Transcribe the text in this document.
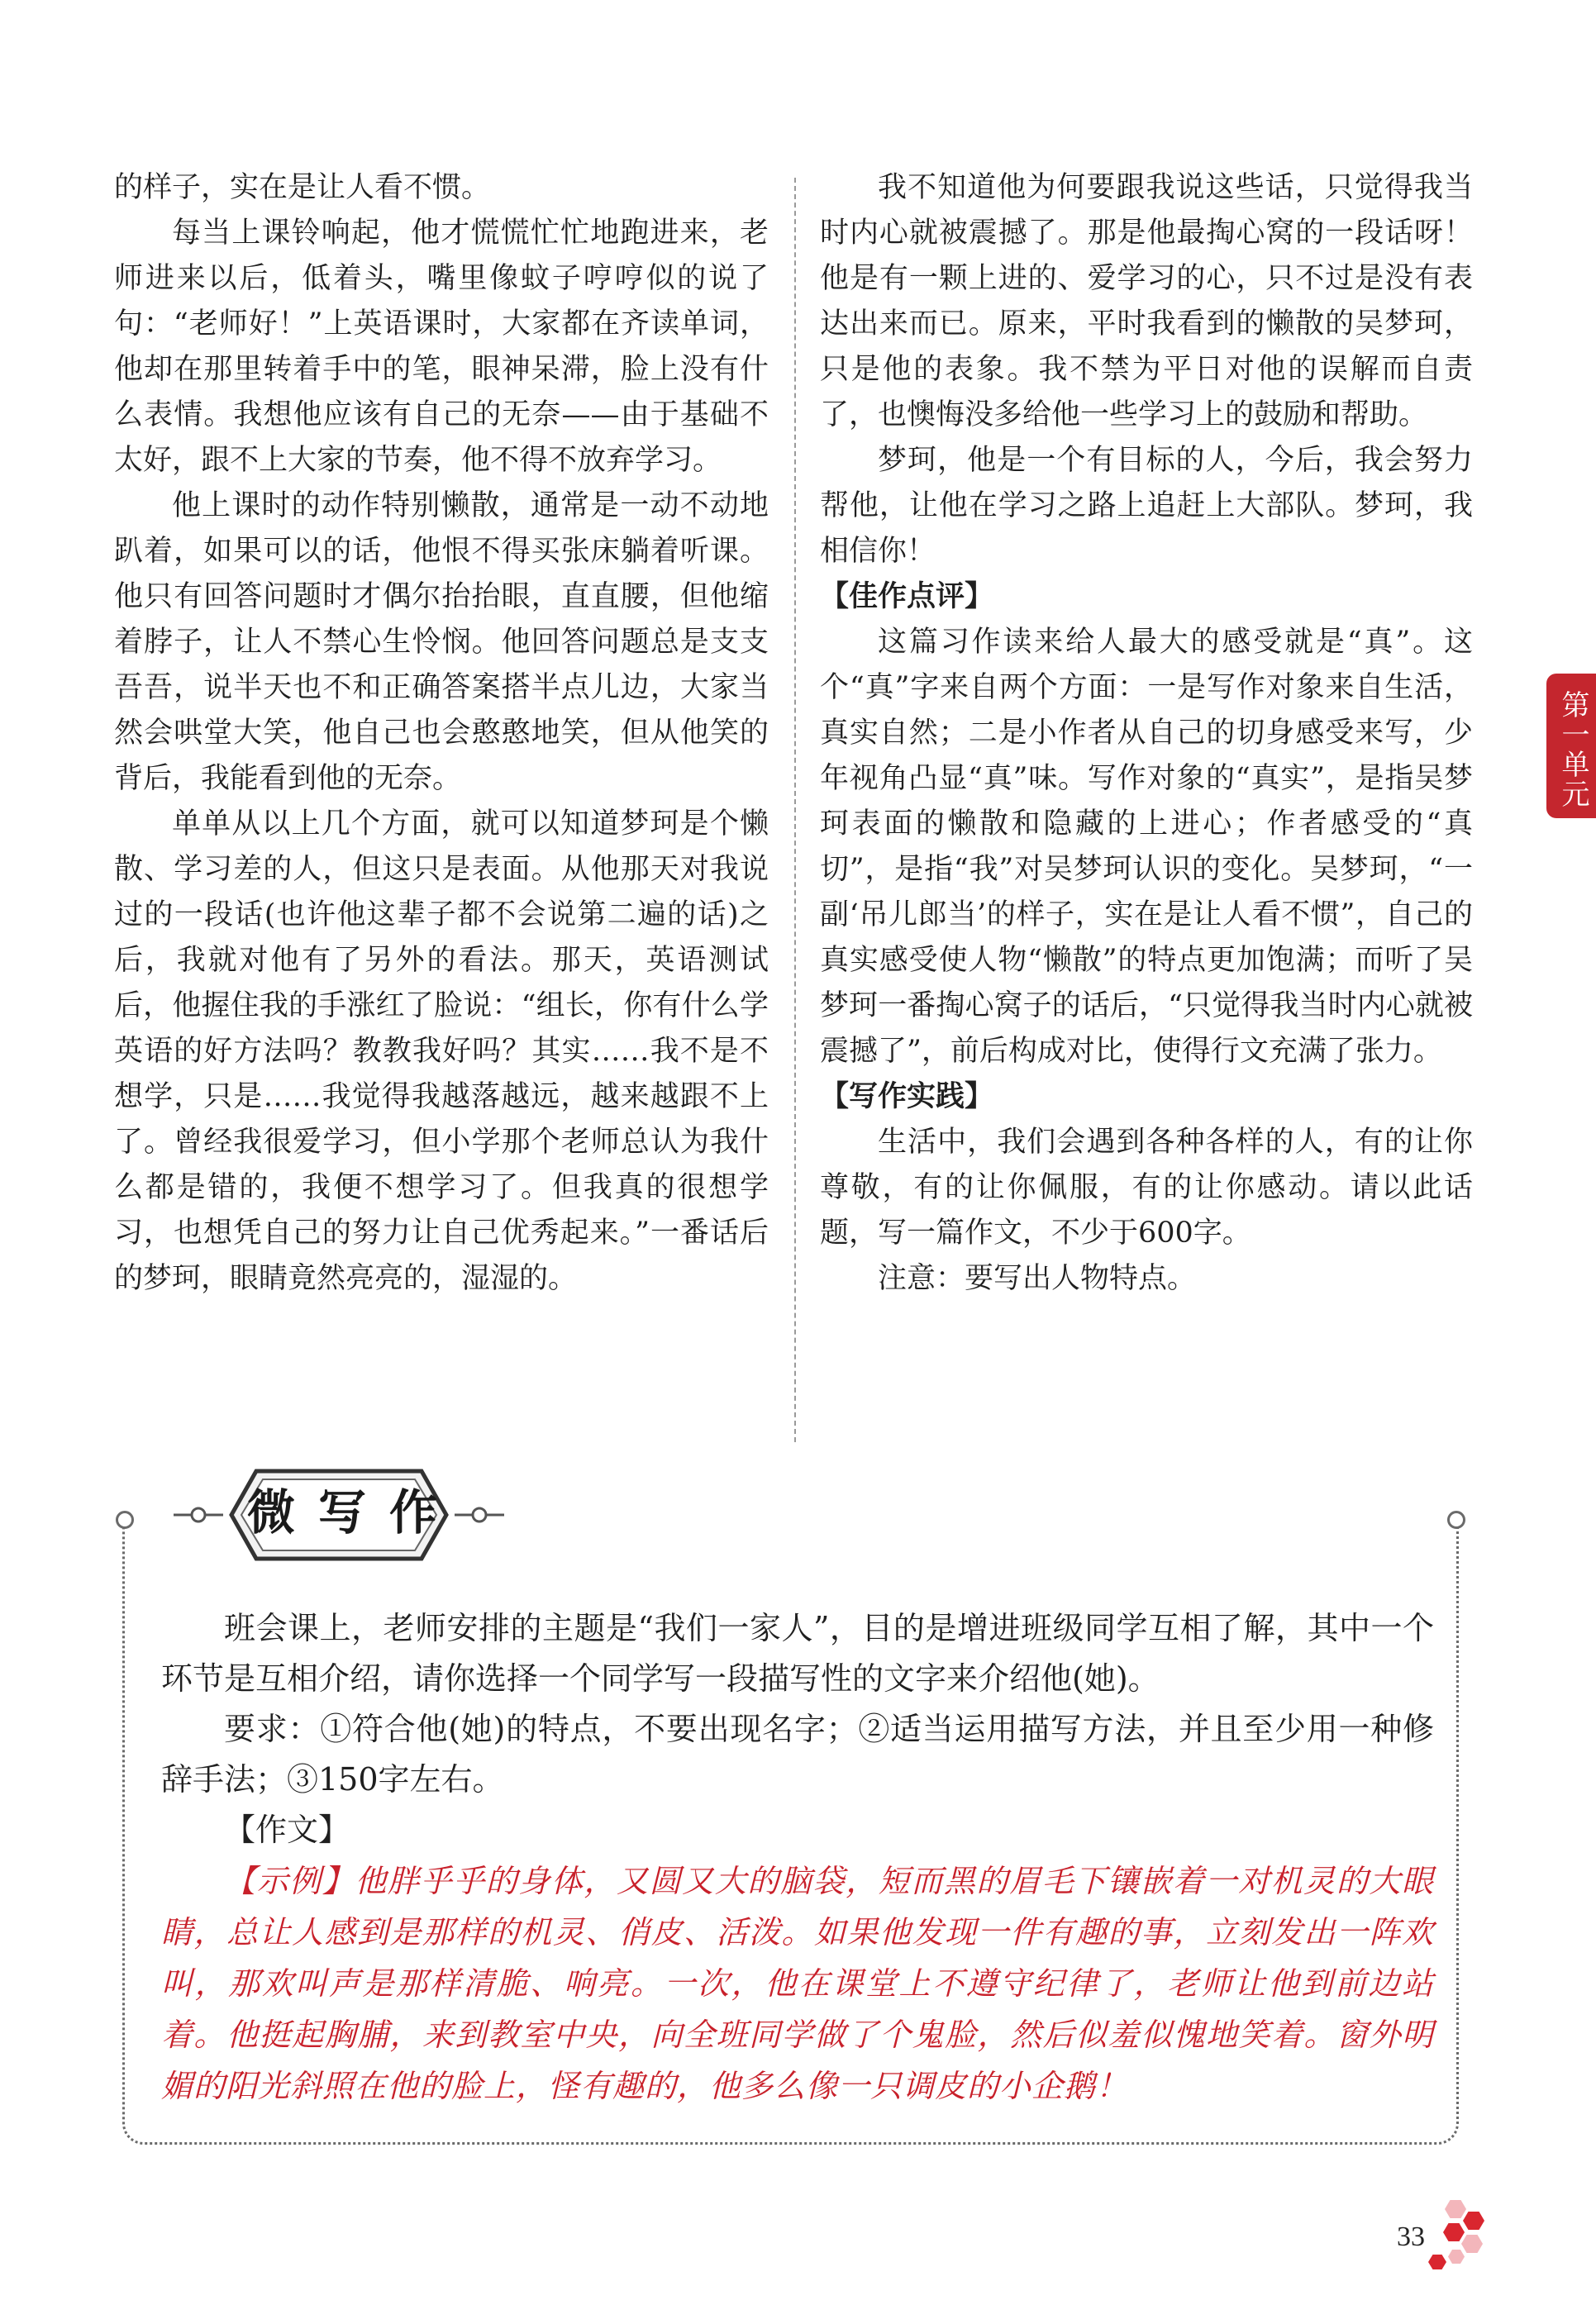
的样子，实在是让人看不惯。

每当上课铃响起，他才慌慌忙忙地跑进来，老师进来以后，低着头，嘴里像蚊子哼哼似的说了句：“老师好！”上英语课时，大家都在齐读单词，他却在那里转着手中的笔，眼神呆滞，脸上没有什么表情。我想他应该有自己的无奈——由于基础不太好，跟不上大家的节奏，他不得不放弃学习。

他上课时的动作特别懒散，通常是一动不动地趴着，如果可以的话，他恨不得买张床躺着听课。他只有回答问题时才偶尔抬抬眼，直直腰，但他缩着脖子，让人不禁心生怜悯。他回答问题总是支支吾吾，说半天也不和正确答案搭半点儿边，大家当然会哄堂大笑，他自己也会憨憨地笑，但从他笑的背后，我能看到他的无奈。

单单从以上几个方面，就可以知道梦珂是个懒散、学习差的人，但这只是表面。从他那天对我说过的一段话(也许他这辈子都不会说第二遍的话)之后，我就对他有了另外的看法。那天，英语测试后，他握住我的手涨红了脸说：“组长，你有什么学英语的好方法吗？教教我好吗？其实……我不是不想学，只是……我觉得我越落越远，越来越跟不上了。曾经我很爱学习，但小学那个老师总认为我什么都是错的，我便不想学习了。但我真的很想学习，也想凭自己的努力让自己优秀起来。”一番话后的梦珂，眼睛竟然亮亮的，湿湿的。

我不知道他为何要跟我说这些话，只觉得我当时内心就被震撼了。那是他最掏心窝的一段话呀！他是有一颗上进的、爱学习的心，只不过是没有表达出来而已。原来，平时我看到的懒散的吴梦珂，只是他的表象。我不禁为平日对他的误解而自责了，也懊悔没多给他一些学习上的鼓励和帮助。

梦珂，他是一个有目标的人，今后，我会努力帮他，让他在学习之路上追赶上大部队。梦珂，我相信你！

【佳作点评】

这篇习作读来给人最大的感受就是“真”。这个“真”字来自两个方面：一是写作对象来自生活，真实自然；二是小作者从自己的切身感受来写，少年视角凸显“真”味。写作对象的“真实”，是指吴梦珂表面的懒散和隐藏的上进心；作者感受的“真切”，是指“我”对吴梦珂认识的变化。吴梦珂，“一副‘吊儿郎当’的样子，实在是让人看不惯”，自己的真实感受使人物“懒散”的特点更加饱满；而听了吴梦珂一番掏心窝子的话后，“只觉得我当时内心就被震撼了”，前后构成对比，使得行文充满了张力。

【写作实践】

生活中，我们会遇到各种各样的人，有的让你尊敬，有的让你佩服，有的让你感动。请以此话题，写一篇作文，不少于600字。

注意：要写出人物特点。

第一单元
微写作

班会课上，老师安排的主题是“我们一家人”，目的是增进班级同学互相了解，其中一个环节是互相介绍，请你选择一个同学写一段描写性的文字来介绍他(她)。

要求：①符合他(她)的特点，不要出现名字；②适当运用描写方法，并且至少用一种修辞手法；③150字左右。

【作文】

【示例】他胖乎乎的身体，又圆又大的脑袋，短而黑的眉毛下镶嵌着一对机灵的大眼睛，总让人感到是那样的机灵、俏皮、活泼。如果他发现一件有趣的事，立刻发出一阵欢叫，那欢叫声是那样清脆、响亮。一次，他在课堂上不遵守纪律了，老师让他到前边站着。他挺起胸脯，来到教室中央，向全班同学做了个鬼脸，然后似羞似愧地笑着。窗外明媚的阳光斜照在他的脸上，怪有趣的，他多么像一只调皮的小企鹅！

33
